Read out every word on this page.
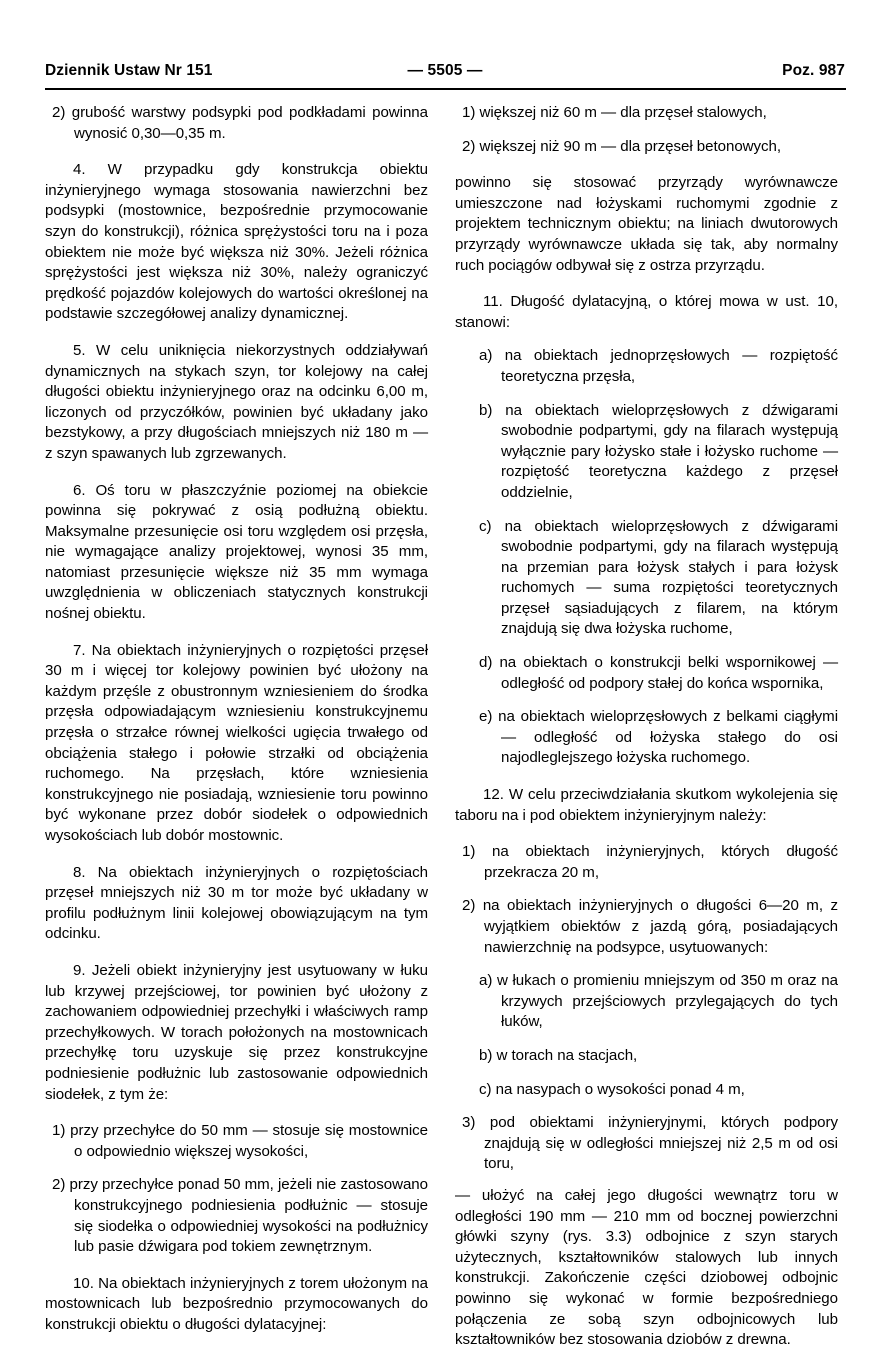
Dziennik Ustaw Nr 151	— 5505 —	Poz. 987

2) grubość warstwy podsypki pod podkładami powinna wynosić 0,30—0,35 m.

4. W przypadku gdy konstrukcja obiektu inżynieryjnego wymaga stosowania nawierzchni bez podsypki (mostownice, bezpośrednie przymocowanie szyn do konstrukcji), różnica sprężystości toru na i poza obiektem nie może być większa niż 30%. Jeżeli różnica sprężystości jest większa niż 30%, należy ograniczyć prędkość pojazdów kolejowych do wartości określonej na podstawie szczegółowej analizy dynamicznej.

5. W celu uniknięcia niekorzystnych oddziaływań dynamicznych na stykach szyn, tor kolejowy na całej długości obiektu inżynieryjnego oraz na odcinku 6,00 m, liczonych od przyczółków, powinien być układany jako bezstykowy, a przy długościach mniejszych niż 180 m — z szyn spawanych lub zgrzewanych.

6. Oś toru w płaszczyźnie poziomej na obiekcie powinna się pokrywać z osią podłużną obiektu. Maksymalne przesunięcie osi toru względem osi przęsła, nie wymagające analizy projektowej, wynosi 35 mm, natomiast przesunięcie większe niż 35 mm wymaga uwzględnienia w obliczeniach statycznych konstrukcji nośnej obiektu.

7. Na obiektach inżynieryjnych o rozpiętości przęseł 30 m i więcej tor kolejowy powinien być ułożony na każdym przęśle z obustronnym wzniesieniem do środka przęsła odpowiadającym wzniesieniu konstrukcyjnemu przęsła o strzałce równej wielkości ugięcia trwałego od obciążenia stałego i połowie strzałki od obciążenia ruchomego. Na przęsłach, które wzniesienia konstrukcyjnego nie posiadają, wzniesienie toru powinno być wykonane przez dobór siodełek o odpowiednich wysokościach lub dobór mostownic.

8. Na obiektach inżynieryjnych o rozpiętościach przęseł mniejszych niż 30 m tor może być układany w profilu podłużnym linii kolejowej obowiązującym na tym odcinku.

9. Jeżeli obiekt inżynieryjny jest usytuowany w łuku lub krzywej przejściowej, tor powinien być ułożony z zachowaniem odpowiedniej przechyłki i właściwych ramp przechyłkowych. W torach położonych na mostownicach przechyłkę toru uzyskuje się przez konstrukcyjne podniesienie podłużnic lub zastosowanie odpowiednich siodełek, z tym że:

1) przy przechyłce do 50 mm — stosuje się mostownice o odpowiednio większej wysokości,

2) przy przechyłce ponad 50 mm, jeżeli nie zastosowano konstrukcyjnego podniesienia podłużnic — stosuje się siodełka o odpowiedniej wysokości na podłużnicy lub pasie dźwigara pod tokiem zewnętrznym.

10. Na obiektach inżynieryjnych z torem ułożonym na mostownicach lub bezpośrednio przymocowanych do konstrukcji obiektu o długości dylatacyjnej:

1) większej niż 60 m — dla przęseł stalowych,

2) większej niż 90 m — dla przęseł betonowych,

powinno się stosować przyrządy wyrównawcze umieszczone nad łożyskami ruchomymi zgodnie z projektem technicznym obiektu; na liniach dwutorowych przyrządy wyrównawcze układa się tak, aby normalny ruch pociągów odbywał się z ostrza przyrządu.

11. Długość dylatacyjną, o której mowa w ust. 10, stanowi:

a) na obiektach jednoprzęsłowych — rozpiętość teoretyczna przęsła,

b) na obiektach wieloprzęsłowych z dźwigarami swobodnie podpartymi, gdy na filarach występują wyłącznie pary łożysko stałe i łożysko ruchome — rozpiętość teoretyczna każdego z przęseł oddzielnie,

c) na obiektach wieloprzęsłowych z dźwigarami swobodnie podpartymi, gdy na filarach występują na przemian para łożysk stałych i para łożysk ruchomych — suma rozpiętości teoretycznych przęseł sąsiadujących z filarem, na którym znajdują się dwa łożyska ruchome,

d) na obiektach o konstrukcji belki wspornikowej — odległość od podpory stałej do końca wspornika,

e) na obiektach wieloprzęsłowych z belkami ciągłymi — odległość od łożyska stałego do osi najodleglejszego łożyska ruchomego.

12. W celu przeciwdziałania skutkom wykolejenia się taboru na i pod obiektem inżynieryjnym należy:

1) na obiektach inżynieryjnych, których długość przekracza 20 m,

2) na obiektach inżynieryjnych o długości 6—20 m, z wyjątkiem obiektów z jazdą górą, posiadających nawierzchnię na podsypce, usytuowanych:

a) w łukach o promieniu mniejszym od 350 m oraz na krzywych przejściowych przylegających do tych łuków,

b) w torach na stacjach,

c) na nasypach o wysokości ponad 4 m,

3) pod obiektami inżynieryjnymi, których podpory znajdują się w odległości mniejszej niż 2,5 m od osi toru,

— ułożyć na całej jego długości wewnątrz toru w odległości 190 mm — 210 mm od bocznej powierzchni główki szyny (rys. 3.3) odbojnice z szyn starych użytecznych, kształtowników stalowych lub innych konstrukcji. Zakończenie części dziobowej odbojnic powinno się wykonać w formie bezpośredniego połączenia ze sobą szyn odbojnicowych lub kształtowników bez stosowania dziobów z drewna.
